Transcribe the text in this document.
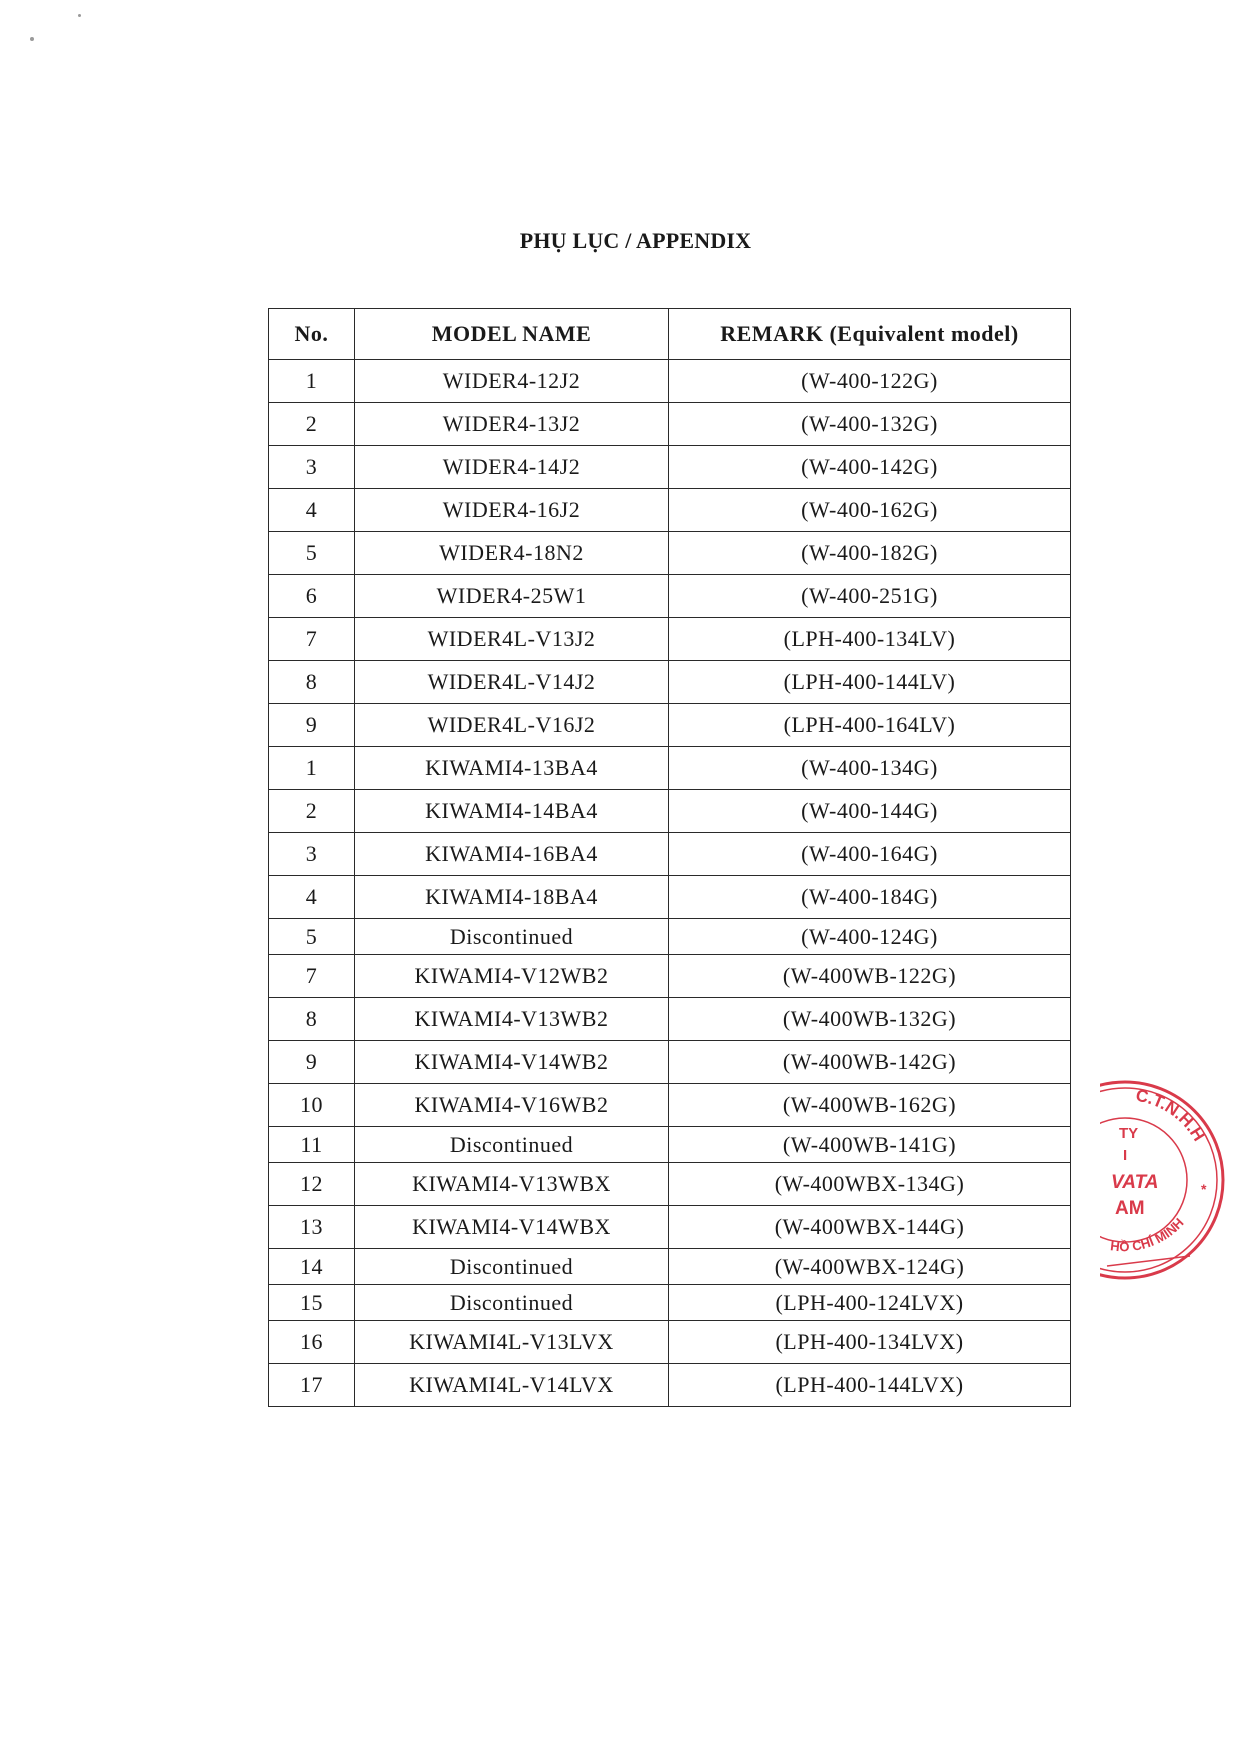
PHỤ LỤC / APPENDIX
No.	MODEL NAME	REMARK (Equivalent model)
1	WIDER4-12J2	(W-400-122G)
2	WIDER4-13J2	(W-400-132G)
3	WIDER4-14J2	(W-400-142G)
4	WIDER4-16J2	(W-400-162G)
5	WIDER4-18N2	(W-400-182G)
6	WIDER4-25W1	(W-400-251G)
7	WIDER4L-V13J2	(LPH-400-134LV)
8	WIDER4L-V14J2	(LPH-400-144LV)
9	WIDER4L-V16J2	(LPH-400-164LV)
1	KIWAMI4-13BA4	(W-400-134G)
2	KIWAMI4-14BA4	(W-400-144G)
3	KIWAMI4-16BA4	(W-400-164G)
4	KIWAMI4-18BA4	(W-400-184G)
5	Discontinued	(W-400-124G)
7	KIWAMI4-V12WB2	(W-400WB-122G)
8	KIWAMI4-V13WB2	(W-400WB-132G)
9	KIWAMI4-V14WB2	(W-400WB-142G)
10	KIWAMI4-V16WB2	(W-400WB-162G)
11	Discontinued	(W-400WB-141G)
12	KIWAMI4-V13WBX	(W-400WBX-134G)
13	KIWAMI4-V14WBX	(W-400WBX-144G)
14	Discontinued	(W-400WBX-124G)
15	Discontinued	(LPH-400-124LVX)
16	KIWAMI4L-V13LVX	(LPH-400-134LVX)
17	KIWAMI4L-V14LVX	(LPH-400-144LVX)
C.T.N.H.H
TY
I
VATA	*
AM
HỒ CHÍ MINH
